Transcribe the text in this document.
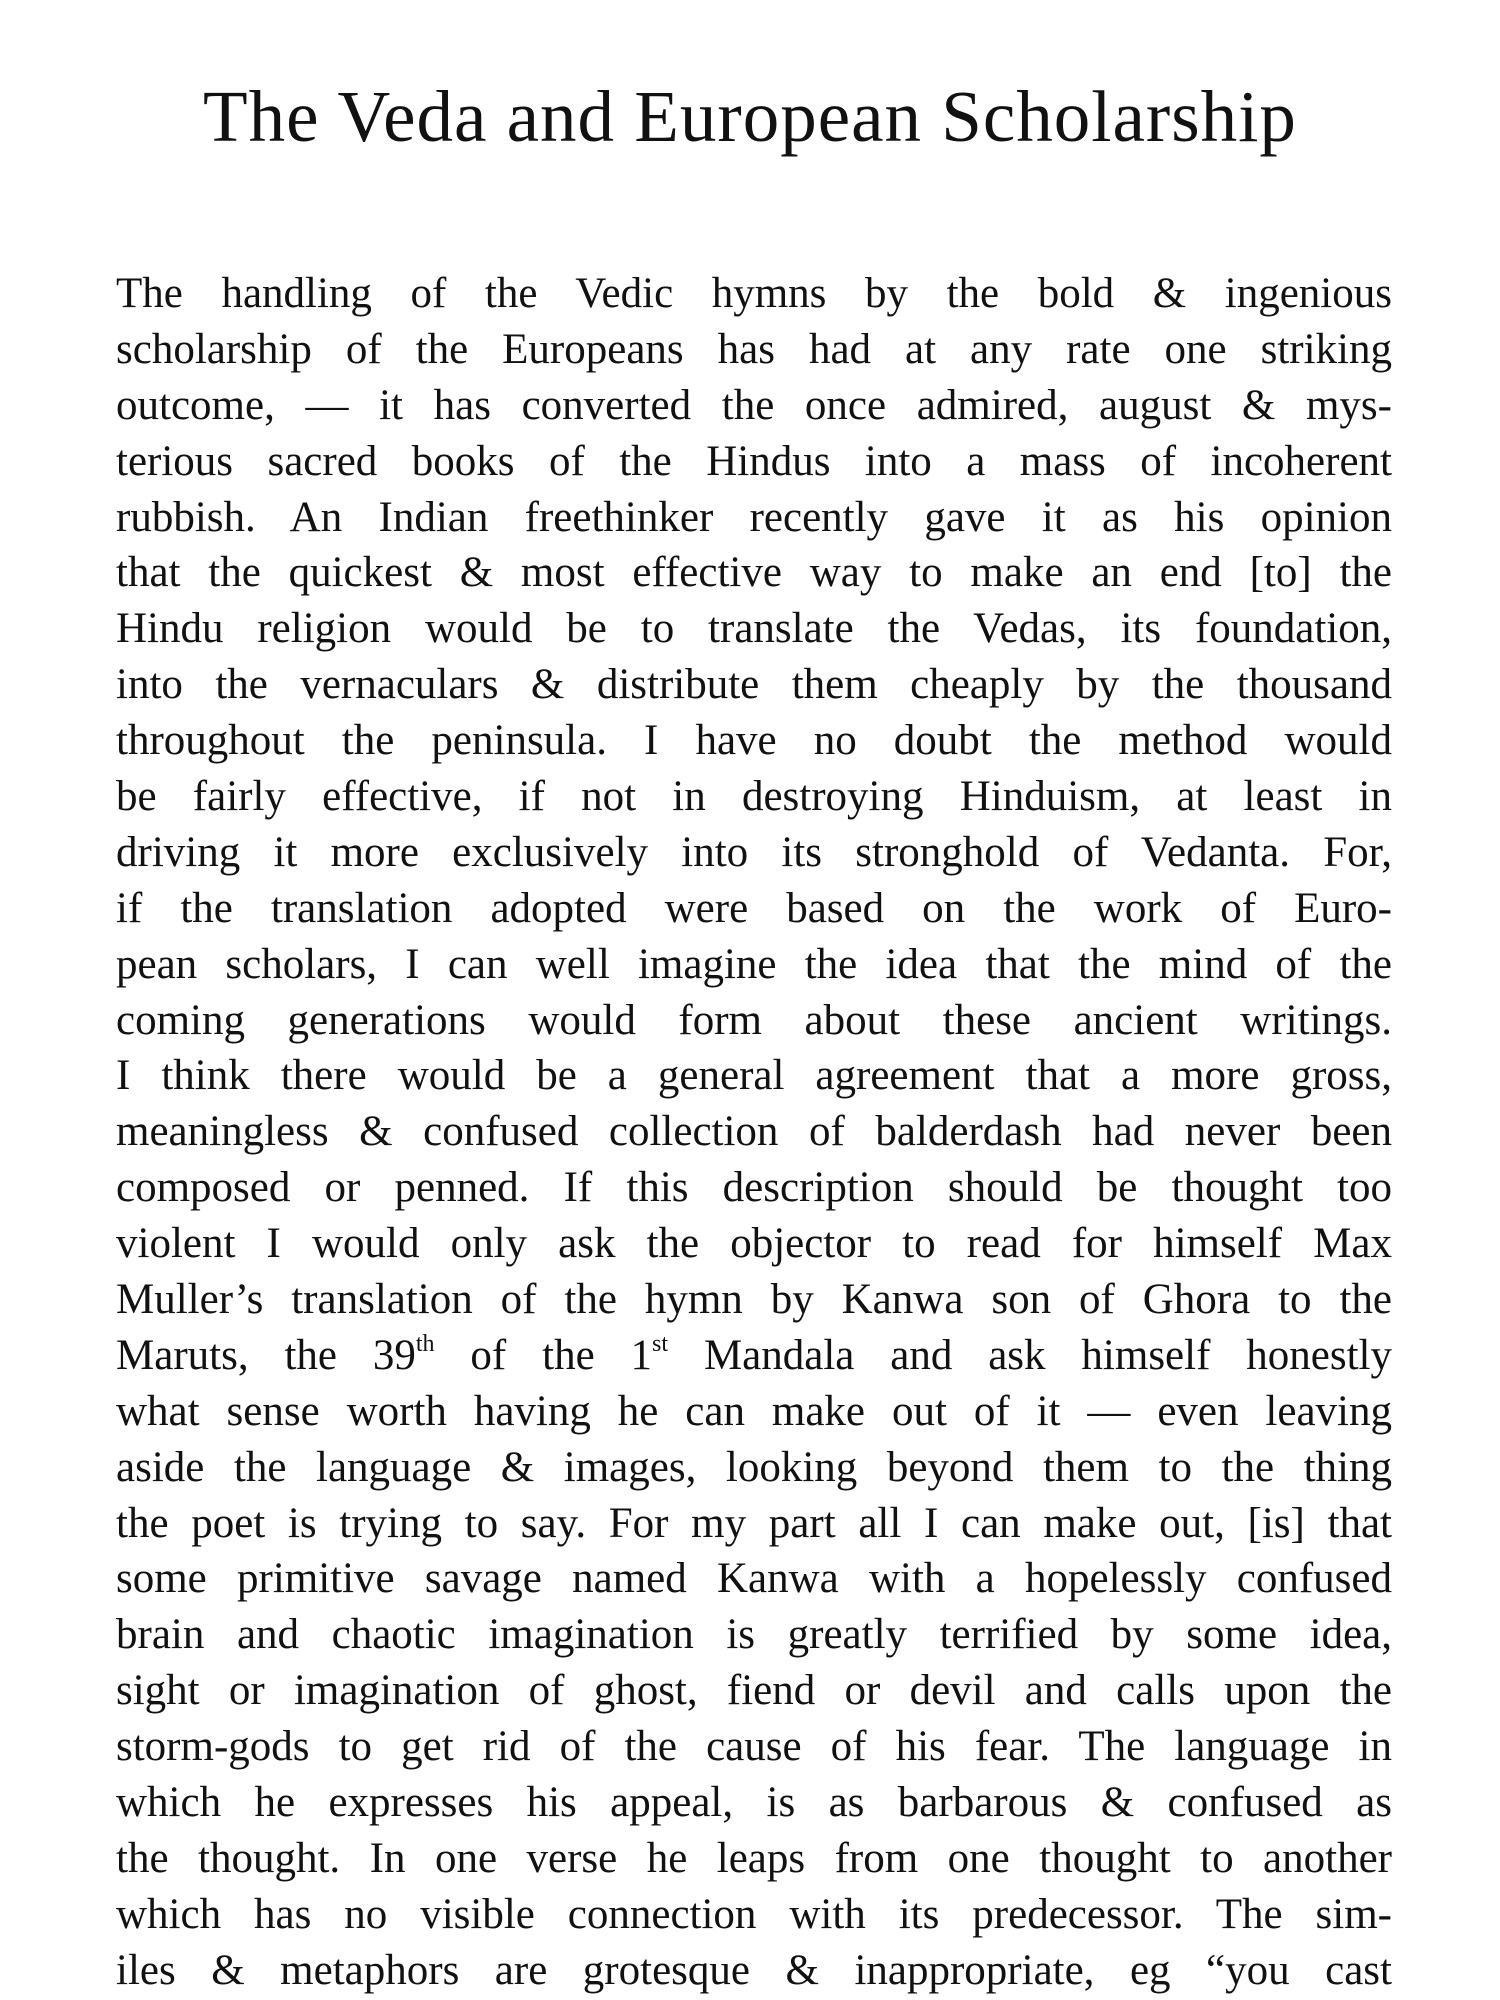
The Veda and European Scholarship
The handling of the Vedic hymns by the bold & ingenious
scholarship of the Europeans has had at any rate one striking
outcome, — it has converted the once admired, august & mys-
terious sacred books of the Hindus into a mass of incoherent
rubbish. An Indian freethinker recently gave it as his opinion
that the quickest & most effective way to make an end [to] the
Hindu religion would be to translate the Vedas, its foundation,
into the vernaculars & distribute them cheaply by the thousand
throughout the peninsula. I have no doubt the method would
be fairly effective, if not in destroying Hinduism, at least in
driving it more exclusively into its stronghold of Vedanta. For,
if the translation adopted were based on the work of Euro-
pean scholars, I can well imagine the idea that the mind of the
coming generations would form about these ancient writings.
I think there would be a general agreement that a more gross,
meaningless & confused collection of balderdash had never been
composed or penned. If this description should be thought too
violent I would only ask the objector to read for himself Max
Muller’s translation of the hymn by Kanwa son of Ghora to the
Maruts, the 39th of the 1st Mandala and ask himself honestly
what sense worth having he can make out of it — even leaving
aside the language & images, looking beyond them to the thing
the poet is trying to say. For my part all I can make out, [is] that
some primitive savage named Kanwa with a hopelessly confused
brain and chaotic imagination is greatly terrified by some idea,
sight or imagination of ghost, fiend or devil and calls upon the
storm-gods to get rid of the cause of his fear. The language in
which he expresses his appeal, is as barbarous & confused as
the thought. In one verse he leaps from one thought to another
which has no visible connection with its predecessor. The sim-
iles & metaphors are grotesque & inappropriate, eg “you cast
